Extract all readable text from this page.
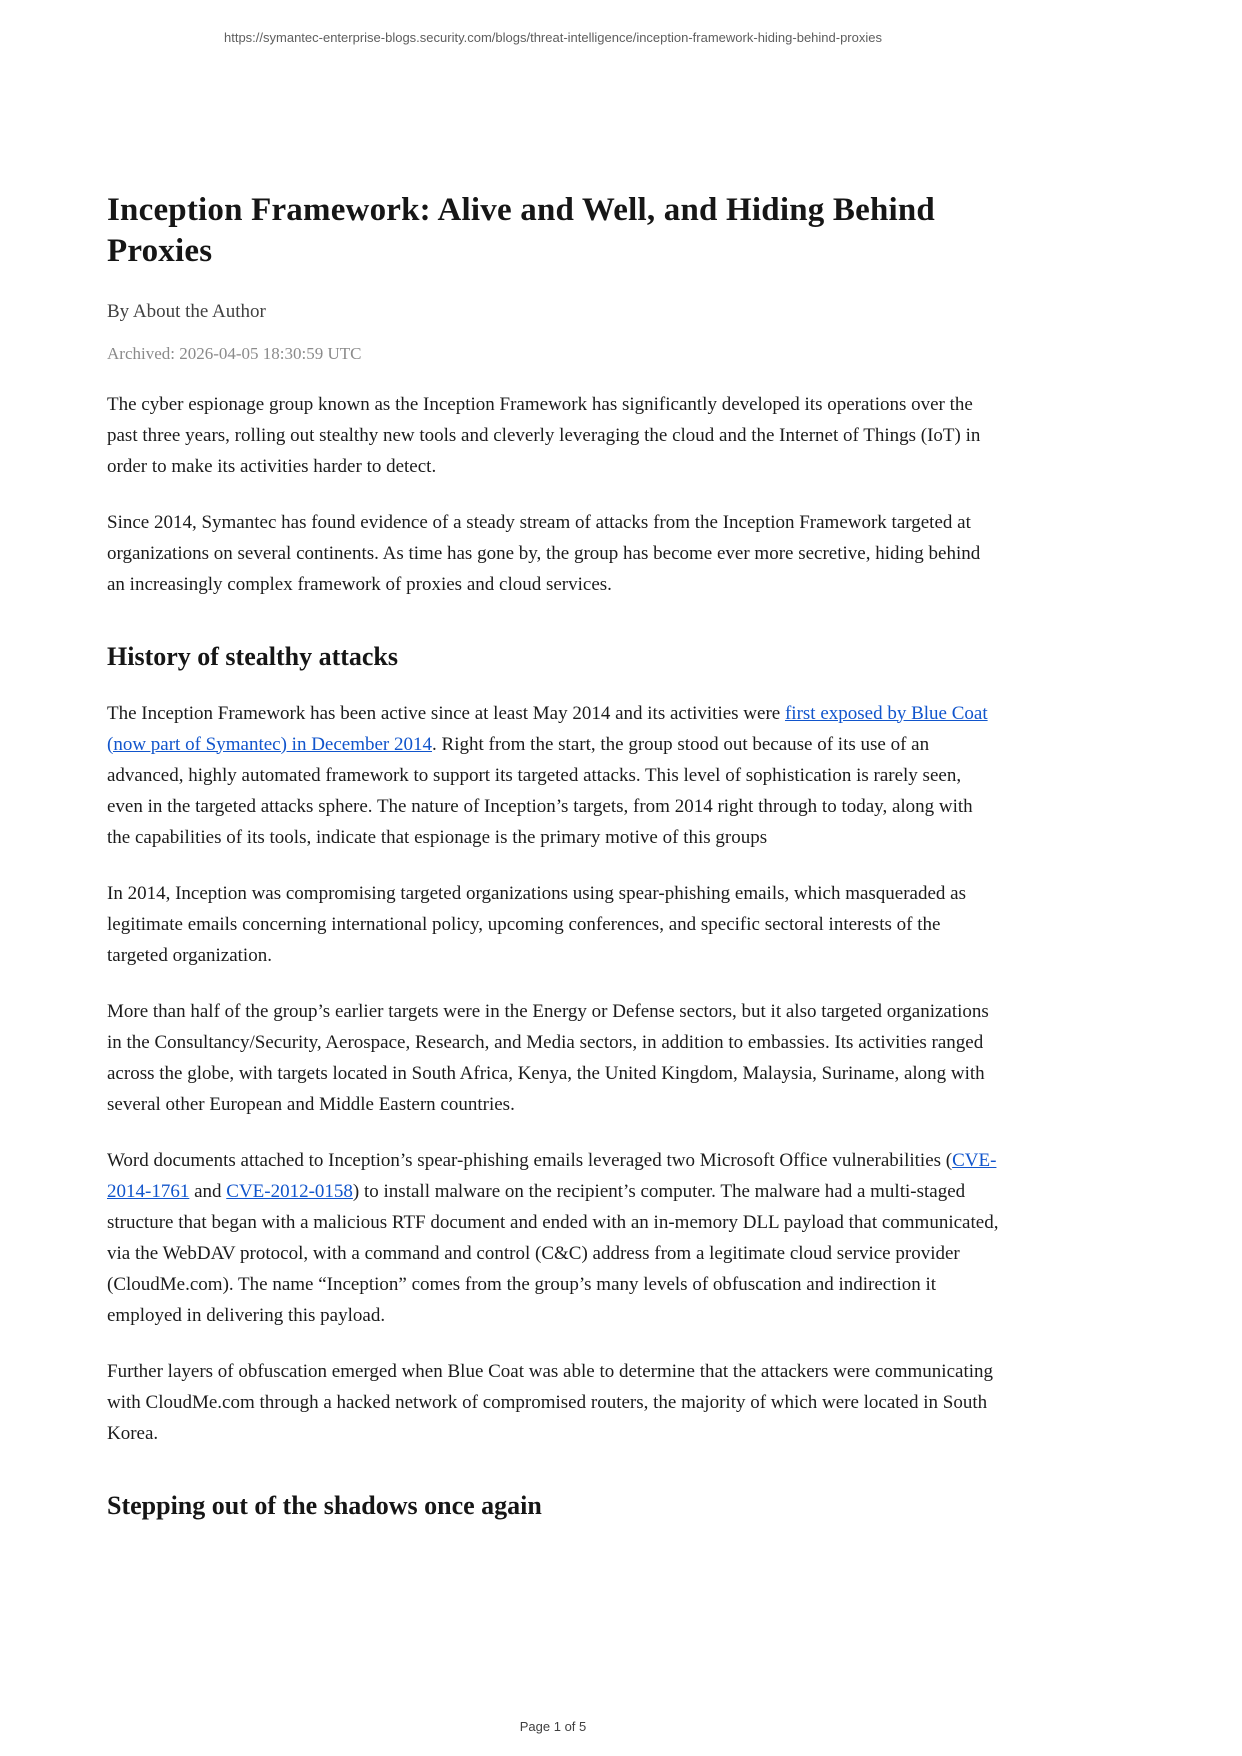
https://symantec-enterprise-blogs.security.com/blogs/threat-intelligence/inception-framework-hiding-behind-proxies
Inception Framework: Alive and Well, and Hiding Behind Proxies

By About the Author

Archived: 2026-04-05 18:30:59 UTC

The cyber espionage group known as the Inception Framework has significantly developed its operations over the past three years, rolling out stealthy new tools and cleverly leveraging the cloud and the Internet of Things (IoT) in order to make its activities harder to detect.

Since 2014, Symantec has found evidence of a steady stream of attacks from the Inception Framework targeted at organizations on several continents. As time has gone by, the group has become ever more secretive, hiding behind an increasingly complex framework of proxies and cloud services.

History of stealthy attacks

The Inception Framework has been active since at least May 2014 and its activities were first exposed by Blue Coat (now part of Symantec) in December 2014. Right from the start, the group stood out because of its use of an advanced, highly automated framework to support its targeted attacks. This level of sophistication is rarely seen, even in the targeted attacks sphere. The nature of Inception’s targets, from 2014 right through to today, along with the capabilities of its tools, indicate that espionage is the primary motive of this groups

In 2014, Inception was compromising targeted organizations using spear-phishing emails, which masqueraded as legitimate emails concerning international policy, upcoming conferences, and specific sectoral interests of the targeted organization.

More than half of the group’s earlier targets were in the Energy or Defense sectors, but it also targeted organizations in the Consultancy/Security, Aerospace, Research, and Media sectors, in addition to embassies. Its activities ranged across the globe, with targets located in South Africa, Kenya, the United Kingdom, Malaysia, Suriname, along with several other European and Middle Eastern countries.

Word documents attached to Inception’s spear-phishing emails leveraged two Microsoft Office vulnerabilities (CVE-2014-1761 and CVE-2012-0158) to install malware on the recipient’s computer. The malware had a multi-staged structure that began with a malicious RTF document and ended with an in-memory DLL payload that communicated, via the WebDAV protocol, with a command and control (C&C) address from a legitimate cloud service provider (CloudMe.com). The name “Inception” comes from the group’s many levels of obfuscation and indirection it employed in delivering this payload.

Further layers of obfuscation emerged when Blue Coat was able to determine that the attackers were communicating with CloudMe.com through a hacked network of compromised routers, the majority of which were located in South Korea.

Stepping out of the shadows once again
Page 1 of 5
